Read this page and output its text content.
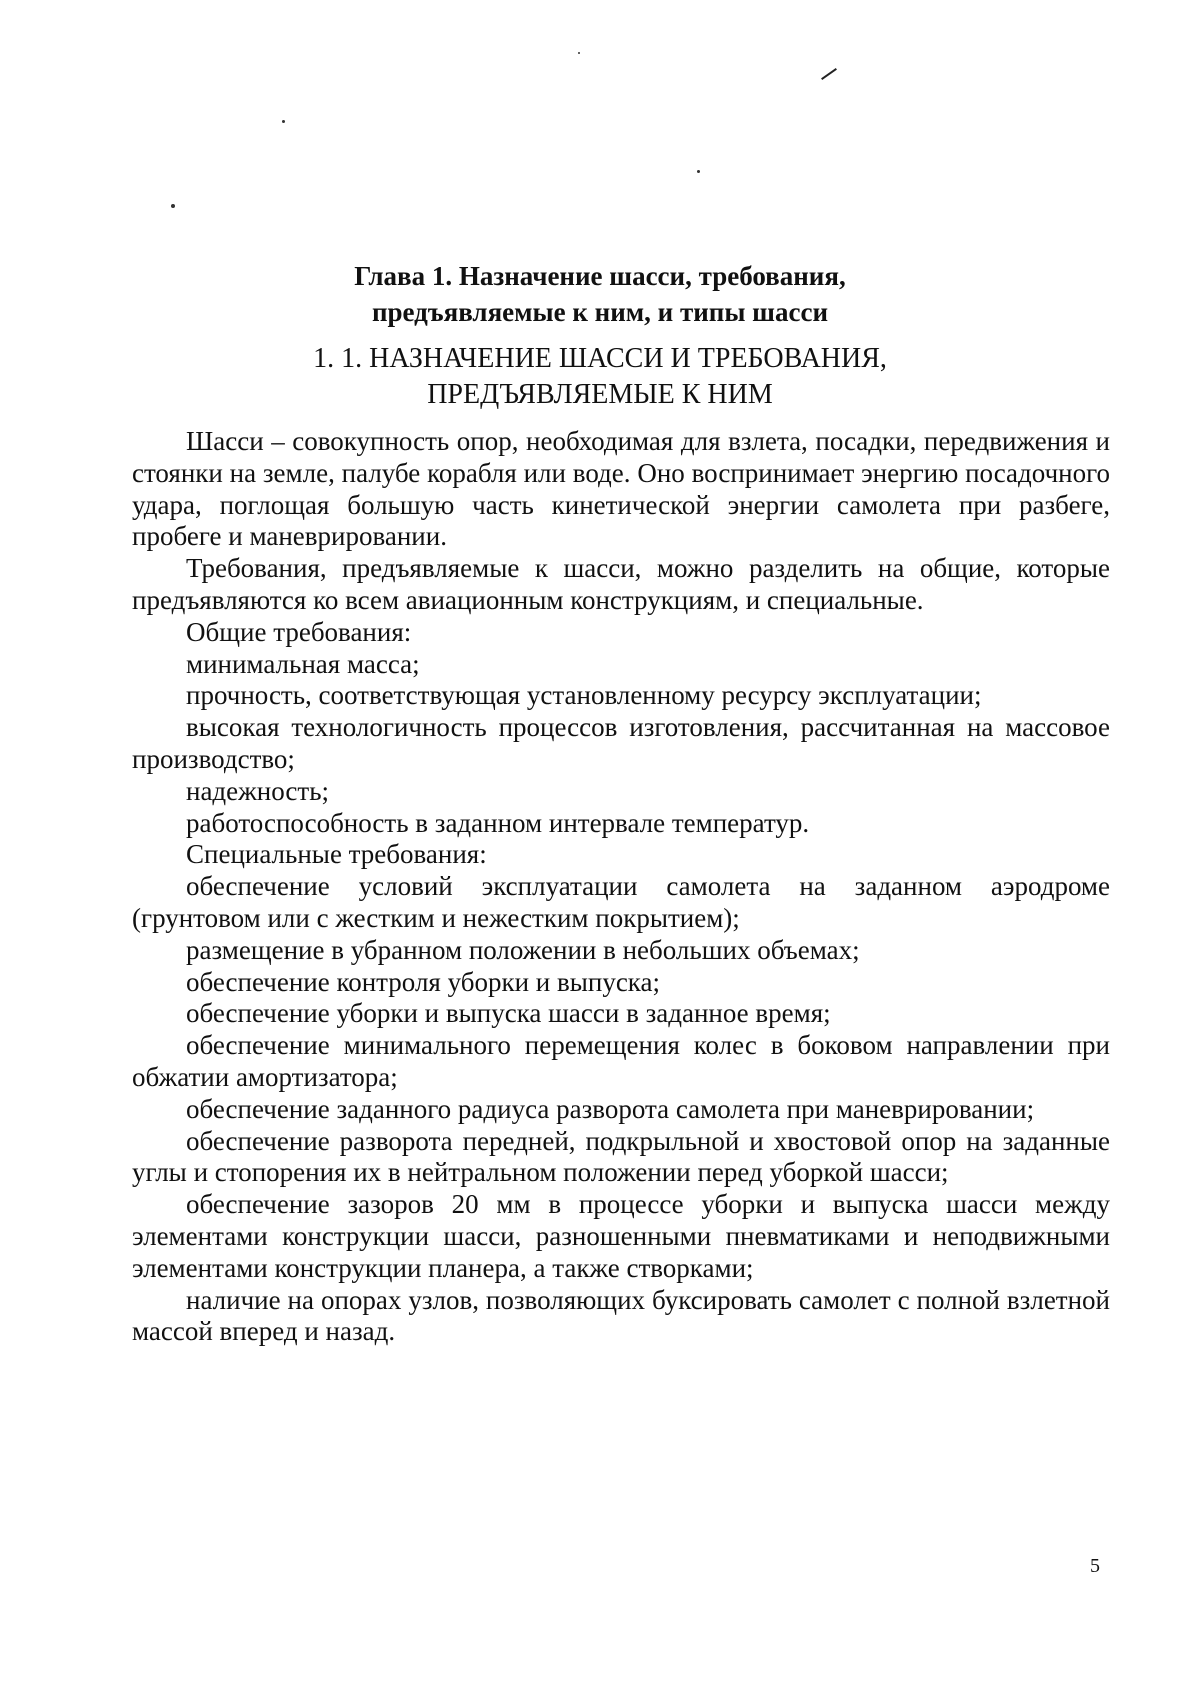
Глава 1. Назначение шасси, требования,
предъявляемые к ним, и типы шасси
1. 1. НАЗНАЧЕНИЕ ШАССИ И ТРЕБОВАНИЯ,
ПРЕДЪЯВЛЯЕМЫЕ К НИМ

Шасси – совокупность опор, необходимая для взлета, посадки, передвижения и стоянки на земле, палубе корабля или воде. Оно воспринимает энергию посадочного удара, поглощая большую часть кинетической энергии самолета при разбеге, пробеге и маневрировании.

Требования, предъявляемые к шасси, можно разделить на общие, которые предъявляются ко всем авиационным конструкциям, и специальные.

Общие требования:

минимальная масса;

прочность, соответствующая установленному ресурсу эксплуатации;

высокая технологичность процессов изготовления, рассчитанная на массовое производство;

надежность;

работоспособность в заданном интервале температур.

Специальные требования:

обеспечение условий эксплуатации самолета на заданном аэродроме (грунтовом или с жестким и нежестким покрытием);

размещение в убранном положении в небольших объемах;

обеспечение контроля уборки и выпуска;

обеспечение уборки и выпуска шасси в заданное время;

обеспечение минимального перемещения колес в боковом направлении при обжатии амортизатора;

обеспечение заданного радиуса разворота самолета при маневрировании;

обеспечение разворота передней, подкрыльной и хвостовой опор на заданные углы и стопорения их в нейтральном положении перед уборкой шасси;

обеспечение зазоров 20 мм в процессе уборки и выпуска шасси между элементами конструкции шасси, разношенными пневматиками и неподвижными элементами конструкции планера, а также створками;

наличие на опорах узлов, позволяющих буксировать самолет с полной взлетной массой вперед и назад.

5
